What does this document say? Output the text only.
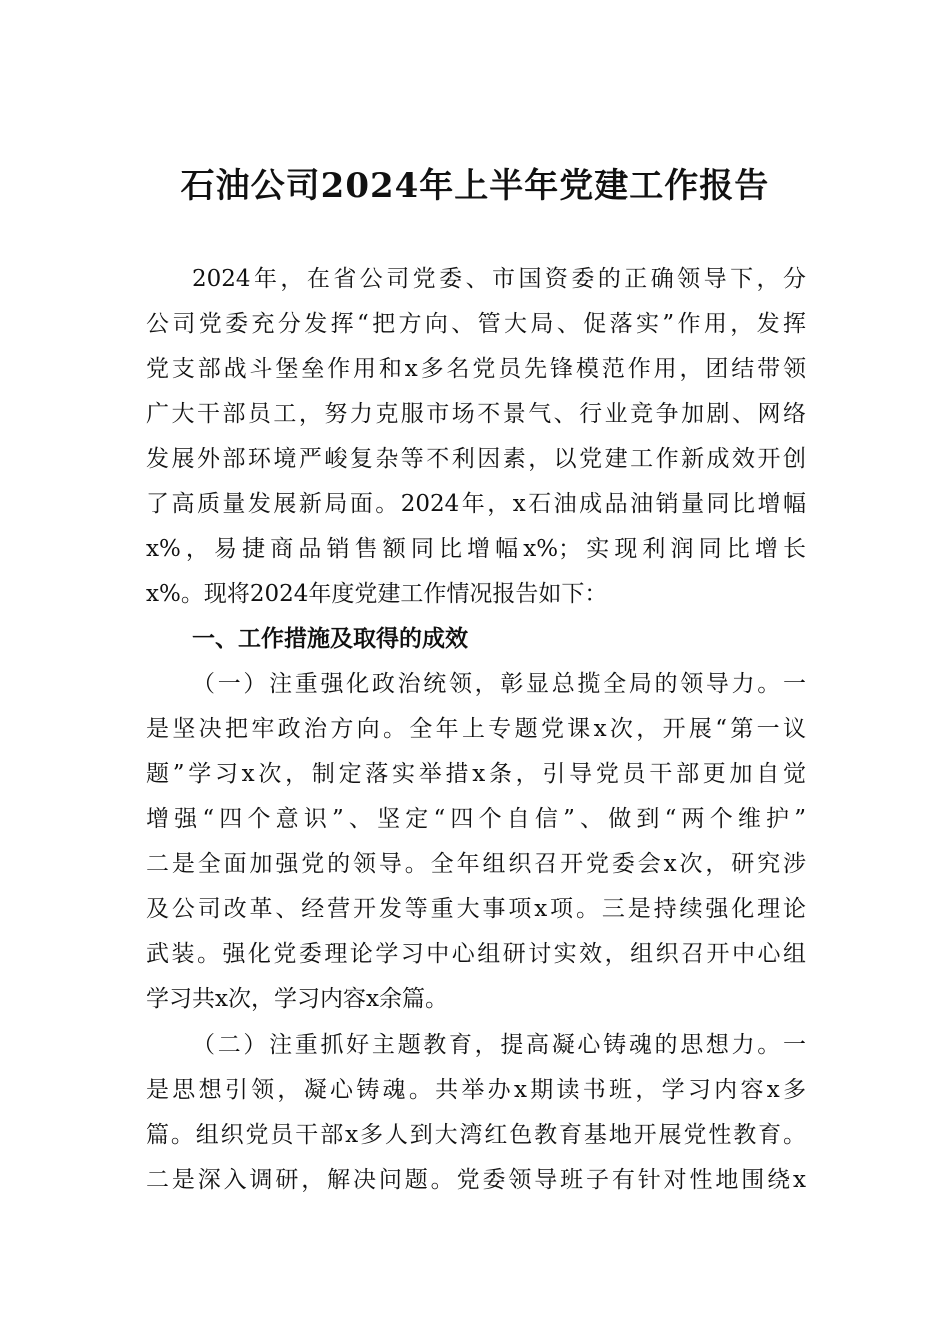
石油公司2024年上半年党建工作报告
2024年，在省公司党委、市国资委的正确领导下，分
公司党委充分发挥“把方向、管大局、促落实”作用，发挥
党支部战斗堡垒作用和x多名党员先锋模范作用，团结带领
广大干部员工，努力克服市场不景气、行业竞争加剧、网络
发展外部环境严峻复杂等不利因素，以党建工作新成效开创
了高质量发展新局面。2024年，x石油成品油销量同比增幅
x%，易捷商品销售额同比增幅x%；实现利润同比增长
x%。现将2024年度党建工作情况报告如下：
一、工作措施及取得的成效
（一）注重强化政治统领，彰显总揽全局的领导力。一
是坚决把牢政治方向。全年上专题党课x次，开展“第一议
题”学习x次，制定落实举措x条，引导党员干部更加自觉
增强“四个意识”、坚定“四个自信”、做到“两个维护”
二是全面加强党的领导。全年组织召开党委会x次，研究涉
及公司改革、经营开发等重大事项x项。三是持续强化理论
武装。强化党委理论学习中心组研讨实效，组织召开中心组
学习共x次，学习内容x余篇。
（二）注重抓好主题教育，提高凝心铸魂的思想力。一
是思想引领，凝心铸魂。共举办x期读书班，学习内容x多
篇。组织党员干部x多人到大湾红色教育基地开展党性教育。
二是深入调研，解决问题。党委领导班子有针对性地围绕x
